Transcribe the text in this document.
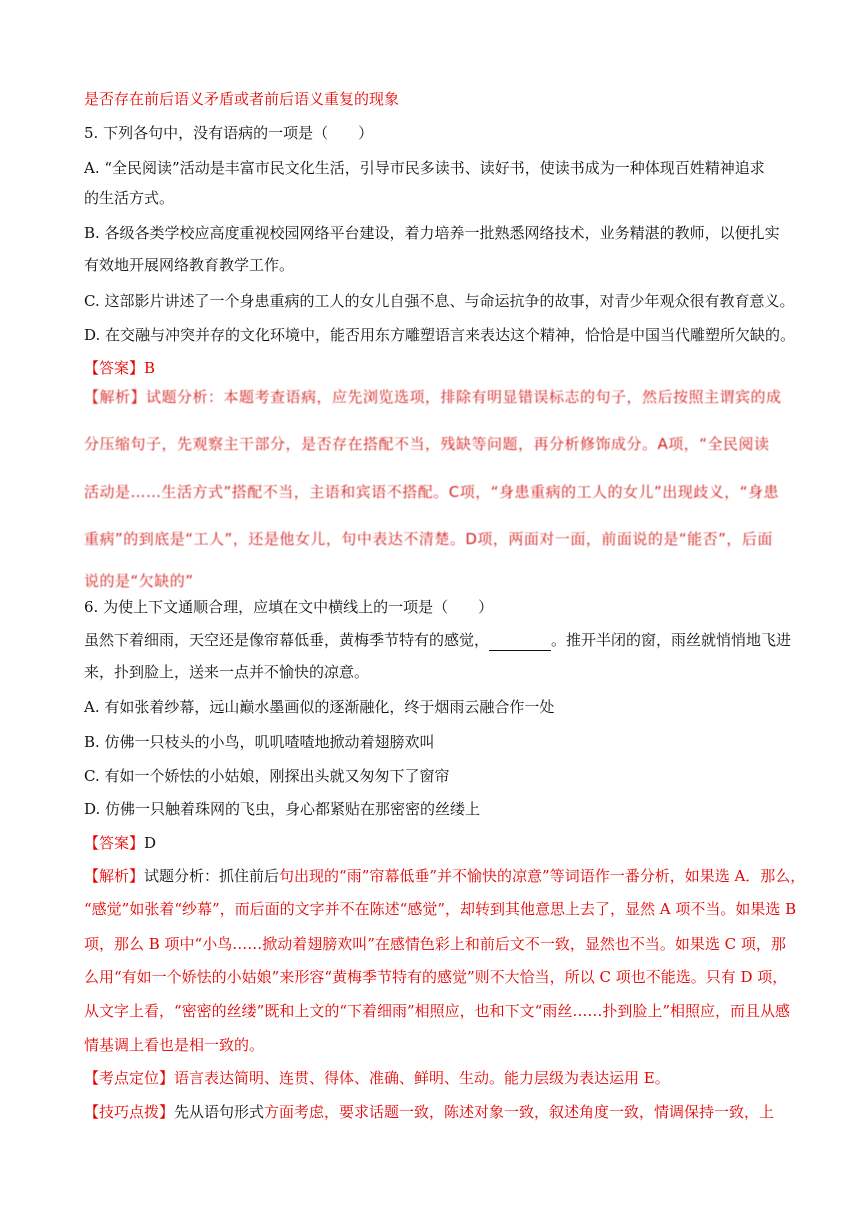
是否存在前后语义矛盾或者前后语义重复的现象
5. 下列各句中，没有语病的一项是（　　）
A. “全民阅读”活动是丰富市民文化生活，引导市民多读书、读好书，使读书成为一种体现百姓精神追求
的生活方式。
B. 各级各类学校应高度重视校园网络平台建设，着力培养一批熟悉网络技术，业务精湛的教师，以便扎实
有效地开展网络教育教学工作。
C. 这部影片讲述了一个身患重病的工人的女儿自强不息、与命运抗争的故事，对青少年观众很有教育意义。
D. 在交融与冲突并存的文化环境中，能否用东方雕塑语言来表达这个精神，恰恰是中国当代雕塑所欠缺的。
【答案】B
【解析】试题分析：本题考查语病，应先浏览选项，排除有明显错误标志的句子，然后按照主谓宾的成
分压缩句子，先观察主干部分，是否存在搭配不当，残缺等问题，再分析修饰成分。A项，“全民阅读
活动是……生活方式”搭配不当，主语和宾语不搭配。C项，“身患重病的工人的女儿”出现歧义，“身患
重病”的到底是“工人”，还是他女儿，句中表达不清楚。D项，两面对一面，前面说的是“能否”，后面
说的是“欠缺的”
6. 为使上下文通顺合理，应填在文中横线上的一项是（　　）
虽然下着细雨，天空还是像帘幕低垂，黄梅季节特有的感觉，	。推开半闭的窗，雨丝就悄悄地飞进
来，扑到脸上，送来一点并不愉快的凉意。
A. 有如张着纱幕，远山巅水墨画似的逐渐融化，终于烟雨云融合作一处
B. 仿佛一只枝头的小鸟，叽叽喳喳地掀动着翅膀欢叫
C. 有如一个娇怯的小姑娘，刚探出头就又匆匆下了窗帘
D. 仿佛一只触着珠网的飞虫，身心都紧贴在那密密的丝缕上
【答案】D
【解析】试题分析：抓住前后句出现的“雨”帘幕低垂”并不愉快的凉意”等词语作一番分析，如果选 A．那么，
“感觉”如张着“纱幕”，而后面的文字并不在陈述“感觉”，却转到其他意思上去了，显然 A 项不当。如果选 B
项，那么 B 项中“小鸟……掀动着翅膀欢叫”在感情色彩上和前后文不一致，显然也不当。如果选 C 项，那
么用“有如一个娇怯的小姑娘”来形容“黄梅季节特有的感觉”则不大恰当，所以 C 项也不能选。只有 D 项，
从文字上看，“密密的丝缕”既和上文的“下着细雨”相照应，也和下文“雨丝……扑到脸上”相照应，而且从感
情基调上看也是相一致的。
【考点定位】语言表达简明、连贯、得体、准确、鲜明、生动。能力层级为表达运用 E。
【技巧点拨】先从语句形式方面考虑，要求话题一致，陈述对象一致，叙述角度一致，情调保持一致，上
